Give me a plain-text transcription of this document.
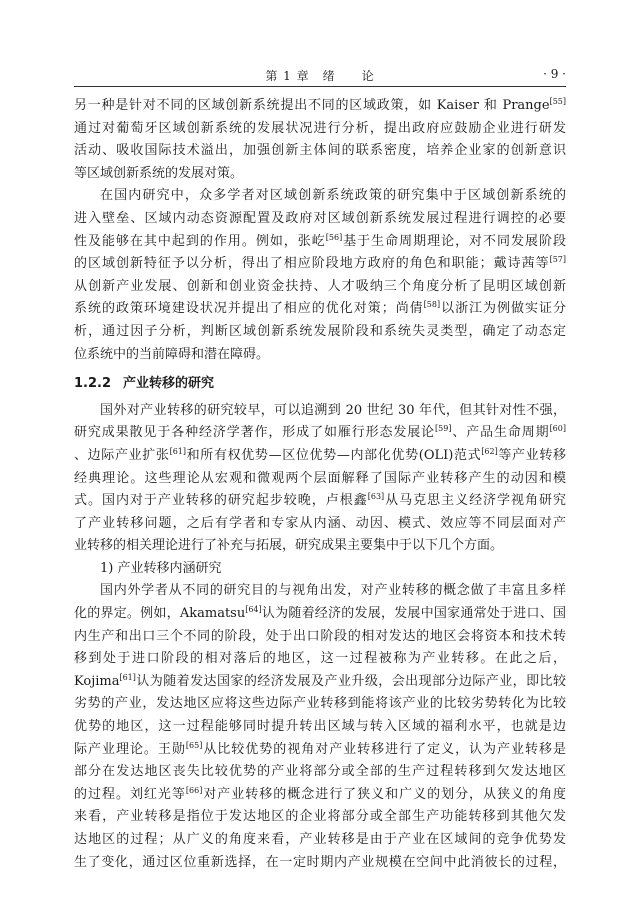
第 1 章　绪　　论	· 9 ·

另一种是针对不同的区域创新系统提出不同的区域政策，如 Kaiser 和 Prange[55]

通过对葡萄牙区域创新系统的发展状况进行分析，提出政府应鼓励企业进行研发

活动、吸收国际技术溢出，加强创新主体间的联系密度，培养企业家的创新意识

等区域创新系统的发展对策。

在国内研究中，众多学者对区域创新系统政策的研究集中于区域创新系统的

进入壁垒、区域内动态资源配置及政府对区域创新系统发展过程进行调控的必要

性及能够在其中起到的作用。例如，张屹[56]基于生命周期理论，对不同发展阶段

的区域创新特征予以分析，得出了相应阶段地方政府的角色和职能；戴诗茜等[57]

从创新产业发展、创新和创业资金扶持、人才吸纳三个角度分析了昆明区域创新

系统的政策环境建设状况并提出了相应的优化对策；尚倩[58]以浙江为例做实证分

析，通过因子分析，判断区域创新系统发展阶段和系统失灵类型，确定了动态定

位系统中的当前障碍和潜在障碍。

1.2.2 产业转移的研究

国外对产业转移的研究较早，可以追溯到 20 世纪 30 年代，但其针对性不强，

研究成果散见于各种经济学著作，形成了如雁行形态发展论[59]、产品生命周期[60]

、边际产业扩张[61]和所有权优势—区位优势—内部化优势(OLI)范式[62]等产业转移

经典理论。这些理论从宏观和微观两个层面解释了国际产业转移产生的动因和模

式。国内对于产业转移的研究起步较晚，卢根鑫[63]从马克思主义经济学视角研究

了产业转移问题，之后有学者和专家从内涵、动因、模式、效应等不同层面对产

业转移的相关理论进行了补充与拓展，研究成果主要集中于以下几个方面。

1) 产业转移内涵研究

国内外学者从不同的研究目的与视角出发，对产业转移的概念做了丰富且多样

化的界定。例如，Akamatsu[64]认为随着经济的发展，发展中国家通常处于进口、国

内生产和出口三个不同的阶段，处于出口阶段的相对发达的地区会将资本和技术转

移到处于进口阶段的相对落后的地区，这一过程被称为产业转移。在此之后，

Kojima[61]认为随着发达国家的经济发展及产业升级，会出现部分边际产业，即比较

劣势的产业，发达地区应将这些边际产业转移到能将该产业的比较劣势转化为比较

优势的地区，这一过程能够同时提升转出区域与转入区域的福利水平，也就是边

际产业理论。王勋[65]从比较优势的视角对产业转移进行了定义，认为产业转移是

部分在发达地区丧失比较优势的产业将部分或全部的生产过程转移到欠发达地区

的过程。刘红光等[66]对产业转移的概念进行了狭义和广义的划分，从狭义的角度

来看，产业转移是指位于发达地区的企业将部分或全部生产功能转移到其他欠发

达地区的过程；从广义的角度来看，产业转移是由于产业在区域间的竞争优势发

生了变化，通过区位重新选择，在一定时期内产业规模在空间中此消彼长的过程，
